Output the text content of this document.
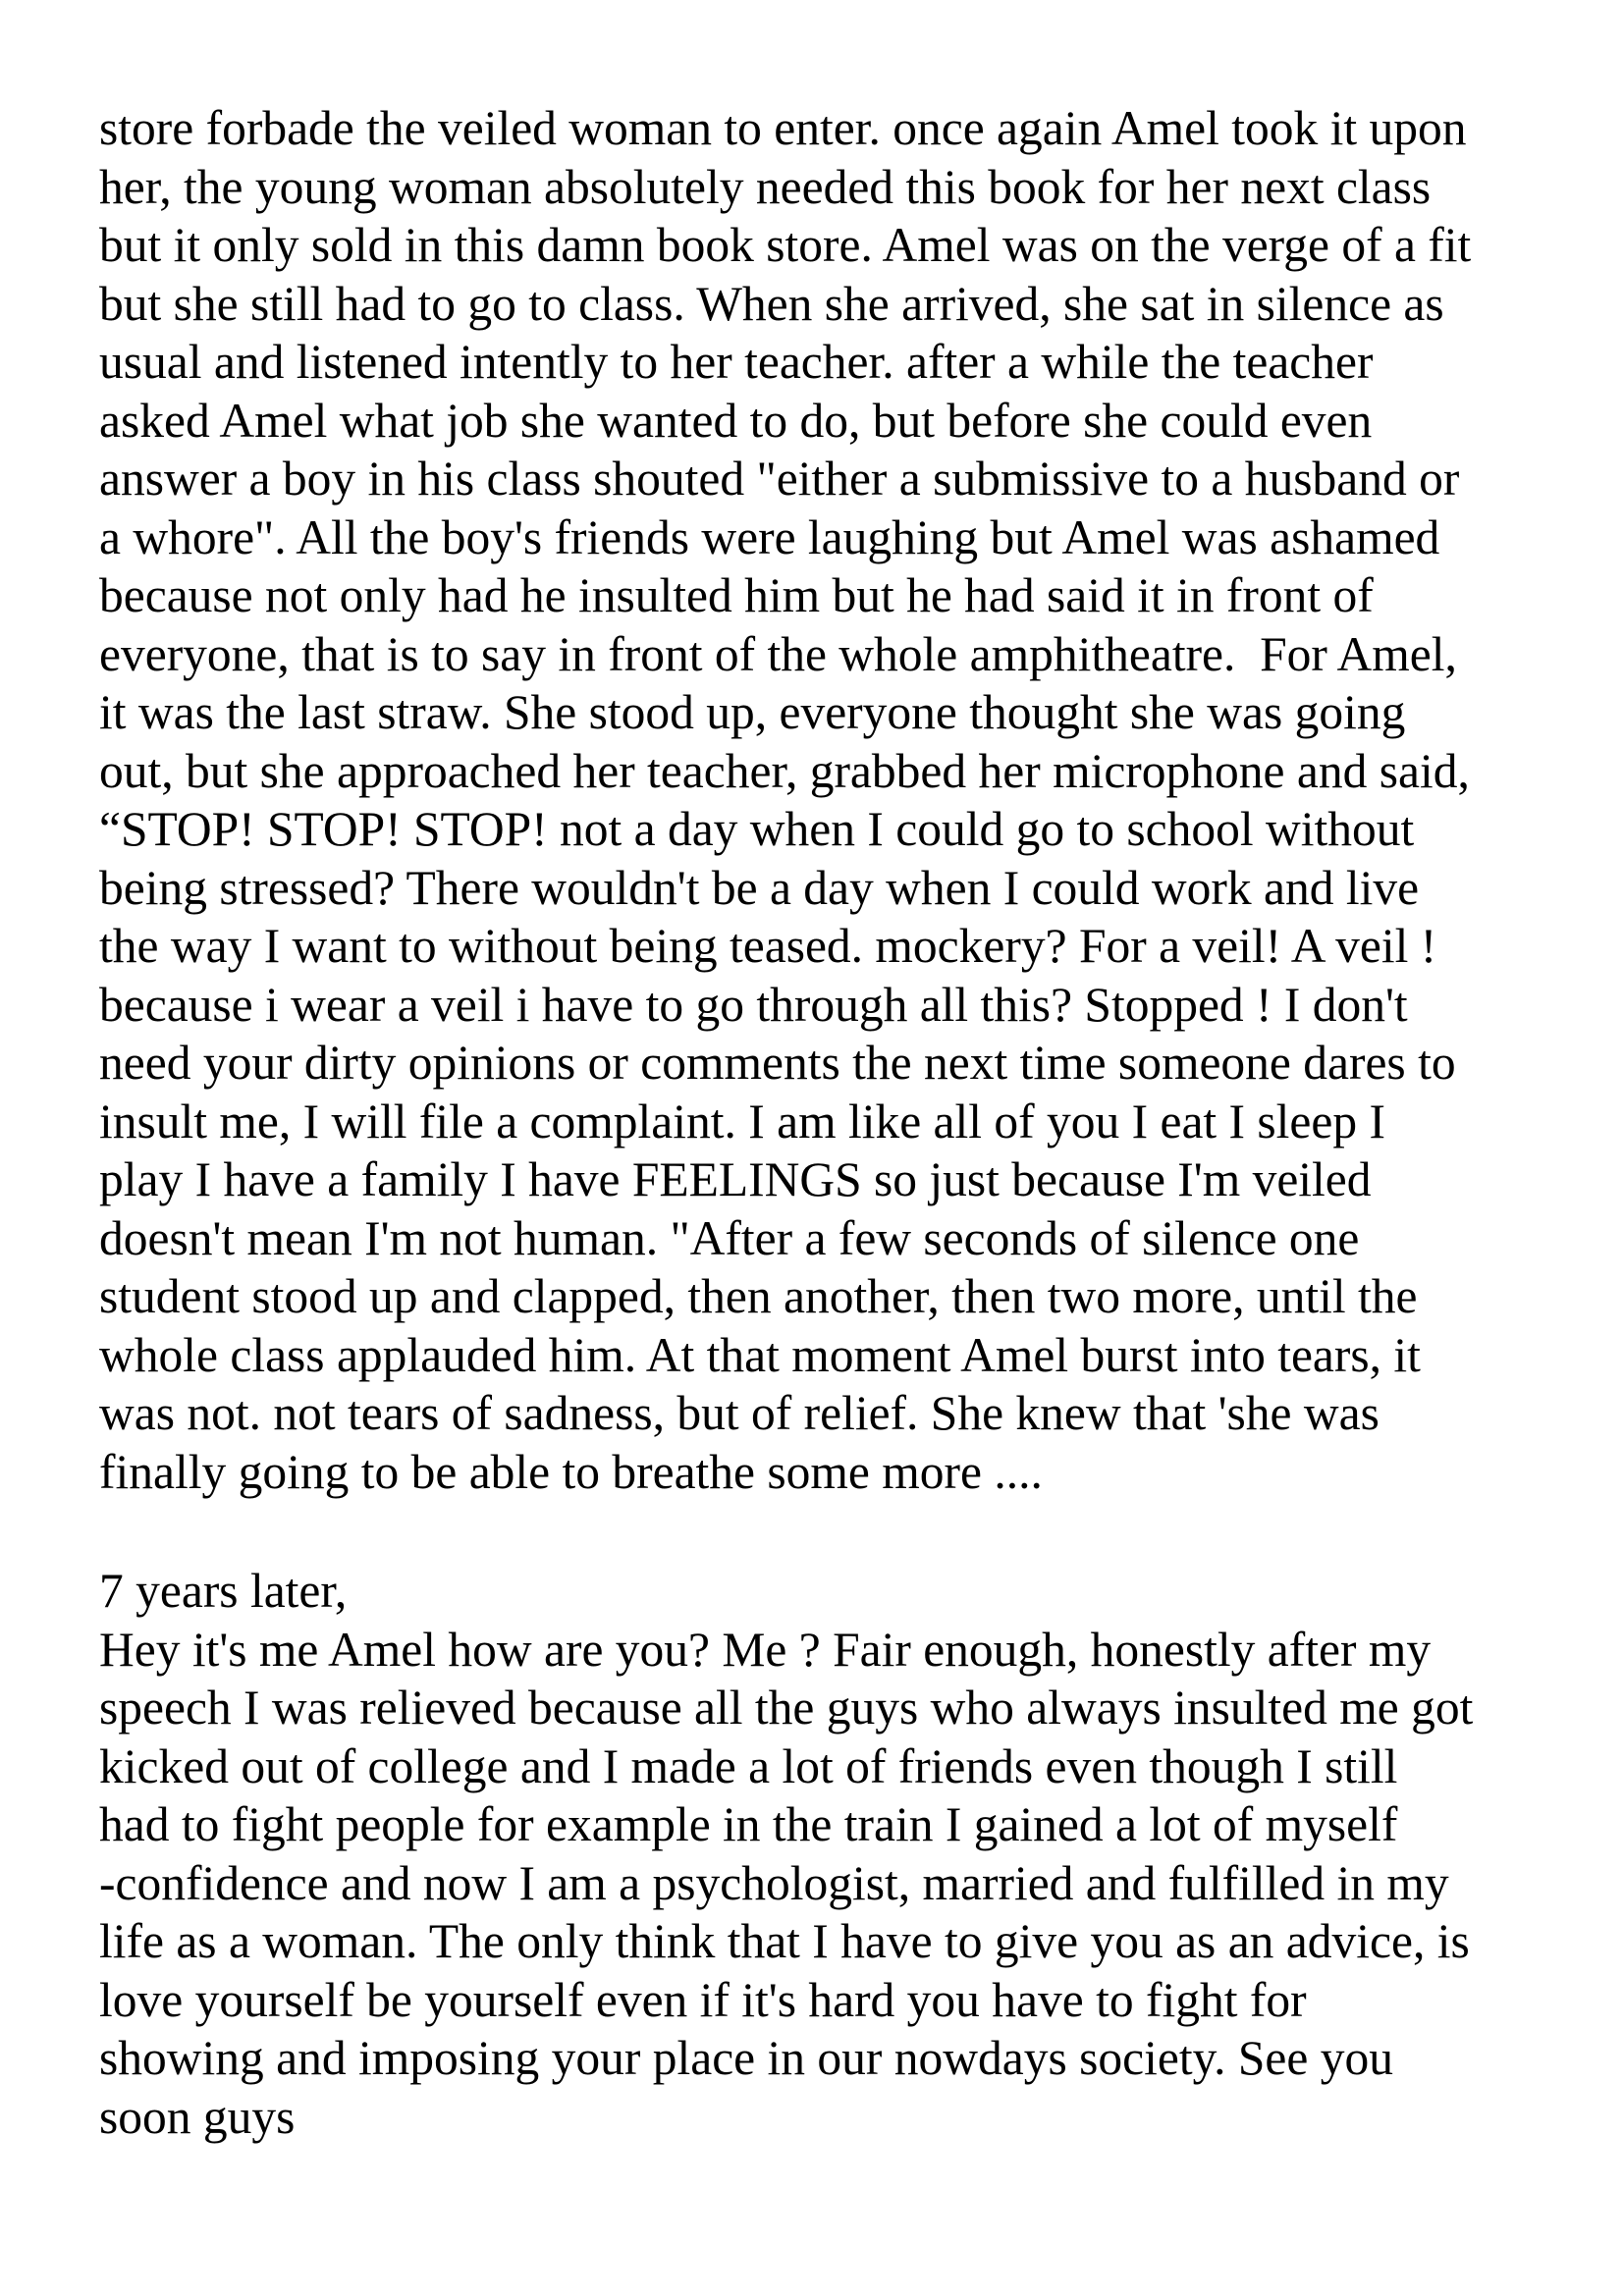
store forbade the veiled woman to enter. once again Amel took it upon
her, the young woman absolutely needed this book for her next class
but it only sold in this damn book store. Amel was on the verge of a fit
but she still had to go to class. When she arrived, she sat in silence as
usual and listened intently to her teacher. after a while the teacher
asked Amel what job she wanted to do, but before she could even
answer a boy in his class shouted "either a submissive to a husband or
a whore". All the boy's friends were laughing but Amel was ashamed
because not only had he insulted him but he had said it in front of
everyone, that is to say in front of the whole amphitheatre.  For Amel,
it was the last straw. She stood up, everyone thought she was going
out, but she approached her teacher, grabbed her microphone and said,
“STOP! STOP! STOP! not a day when I could go to school without
being stressed? There wouldn't be a day when I could work and live
the way I want to without being teased. mockery? For a veil! A veil !
because i wear a veil i have to go through all this? Stopped ! I don't
need your dirty opinions or comments the next time someone dares to
insult me, I will file a complaint. I am like all of you I eat I sleep I
play I have a family I have FEELINGS so just because I'm veiled
doesn't mean I'm not human. "After a few seconds of silence one
student stood up and clapped, then another, then two more, until the
whole class applauded him. At that moment Amel burst into tears, it
was not. not tears of sadness, but of relief. She knew that 'she was
finally going to be able to breathe some more ....
7 years later,
Hey it's me Amel how are you? Me ? Fair enough, honestly after my
speech I was relieved because all the guys who always insulted me got
kicked out of college and I made a lot of friends even though I still
had to fight people for example in the train I gained a lot of myself
-confidence and now I am a psychologist, married and fulfilled in my
life as a woman. The only think that I have to give you as an advice, is
love yourself be yourself even if it's hard you have to fight for
showing and imposing your place in our nowdays society. See you
soon guys
